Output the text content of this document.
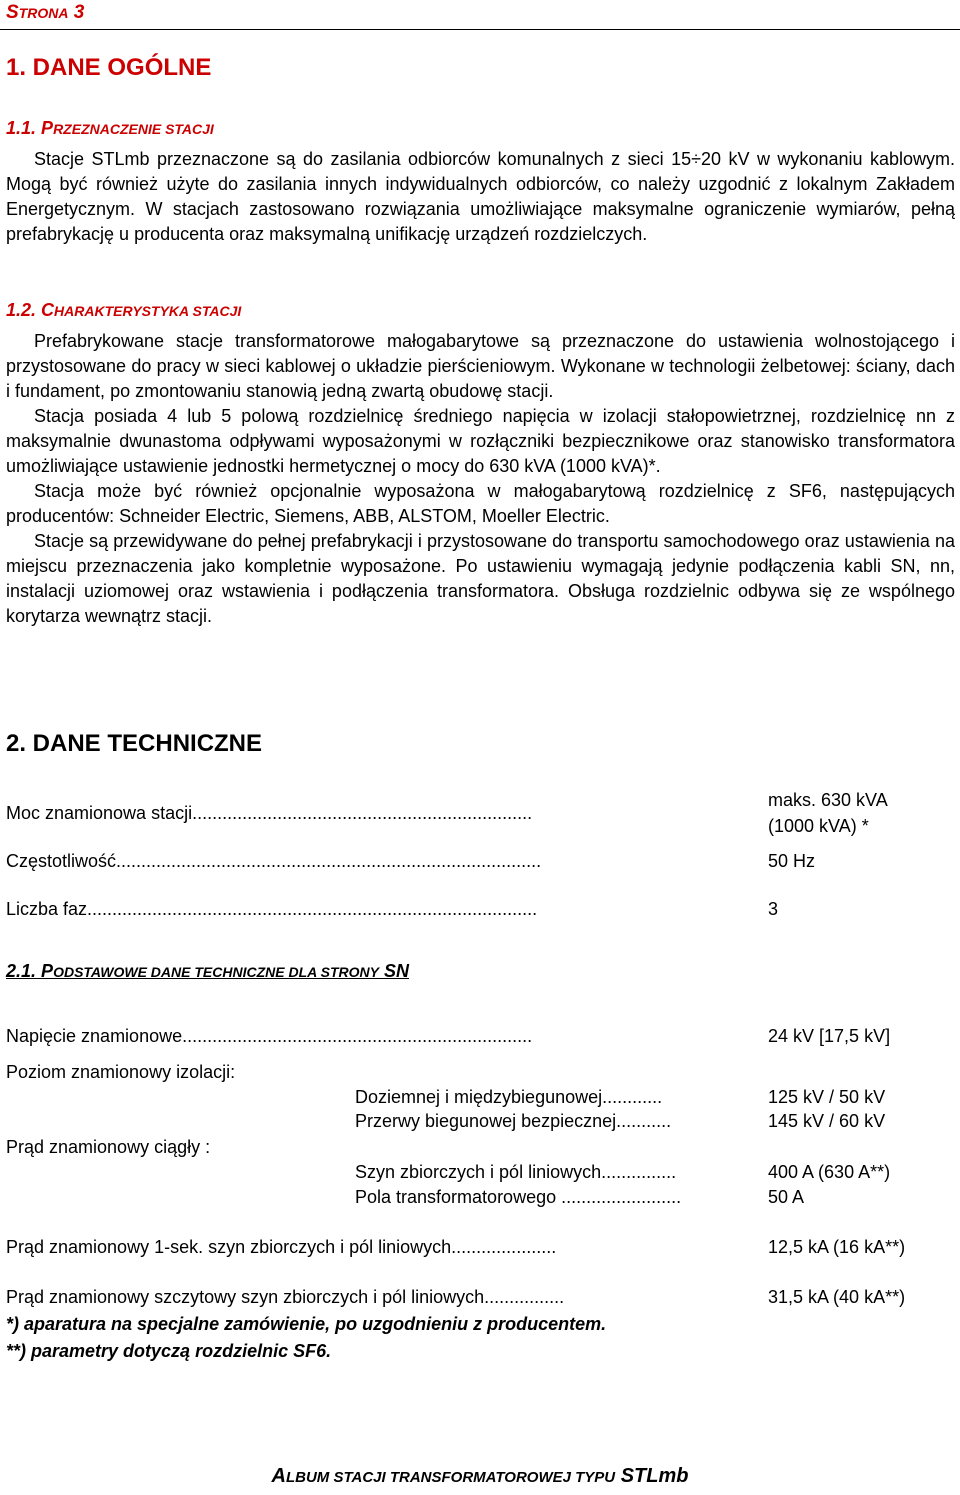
STRONA 3
1. DANE OGÓLNE
1.1. PRZEZNACZENIE STACJI

Stacje STLmb przeznaczone są do zasilania odbiorców komunalnych z sieci 15÷20 kV w wykonaniu kablowym. Mogą być również użyte do zasilania innych indywidualnych odbiorców, co należy uzgodnić z lokalnym Zakładem Energetycznym. W stacjach zastosowano rozwiązania umożliwiające maksymalne ograniczenie wymiarów, pełną prefabrykację u producenta oraz maksymalną unifikację urządzeń rozdzielczych.

1.2. CHARAKTERYSTYKA STACJI

Prefabrykowane stacje transformatorowe małogabarytowe są przeznaczone do ustawienia wolnostojącego i przystosowane do pracy w sieci kablowej o układzie pierścieniowym. Wykonane w technologii żelbetowej: ściany, dach i fundament, po zmontowaniu stanowią jedną zwartą obudowę stacji.

Stacja posiada 4 lub 5 polową rozdzielnicę średniego napięcia w izolacji stałopowietrznej, rozdzielnicę nn z maksymalnie dwunastoma odpływami wyposażonymi w rozłączniki bezpiecznikowe oraz stanowisko transformatora umożliwiające ustawienie jednostki hermetycznej o mocy do 630 kVA (1000 kVA)*.

Stacja może być również opcjonalnie wyposażona w małogabarytową rozdzielnicę z SF6, następujących producentów: Schneider Electric, Siemens, ABB, ALSTOM, Moeller Electric.

Stacje są przewidywane do pełnej prefabrykacji i przystosowane do transportu samochodowego oraz ustawienia na miejscu przeznaczenia jako kompletnie wyposażone. Po ustawieniu wymagają jedynie podłączenia kabli SN, nn, instalacji uziomowej oraz wstawienia i podłączenia transformatora. Obsługa rozdzielnic odbywa się ze wspólnego korytarza wewnątrz stacji.

2. DANE TECHNICZNE
Moc znamionowa stacji....................................................................
maks. 630 kVA
(1000 kVA) *
Częstotliwość.....................................................................................	50 Hz
Liczba faz..........................................................................................	3
2.1. PODSTAWOWE DANE TECHNICZNE DLA STRONY SN
Napięcie znamionowe......................................................................	24 kV [17,5 kV]
Poziom znamionowy izolacji:
Doziemnej i międzybiegunowej............	125 kV / 50 kV
Przerwy biegunowej bezpiecznej...........	145 kV / 60 kV
Prąd znamionowy ciągły :
Szyn zbiorczych i pól liniowych...............	400 A (630 A**)
Pola transformatorowego ........................	50 A
Prąd znamionowy 1-sek. szyn zbiorczych i pól liniowych.....................	12,5 kA (16 kA**)
Prąd znamionowy szczytowy szyn zbiorczych i pól liniowych................	31,5 kA (40 kA**)
*) aparatura na specjalne zamówienie, po uzgodnieniu z producentem.
**) parametry dotyczą rozdzielnic SF6.
ALBUM STACJI TRANSFORMATOROWEJ TYPU STLmb
